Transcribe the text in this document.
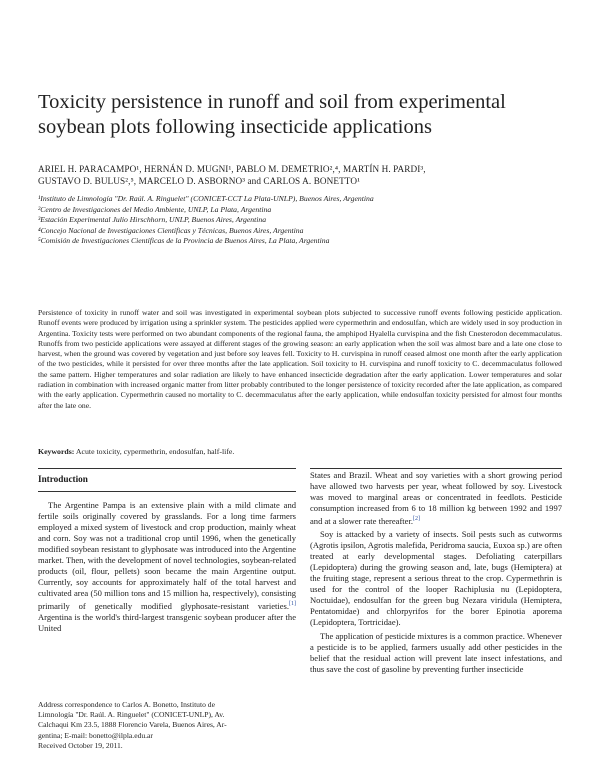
Toxicity persistence in runoff and soil from experimental
soybean plots following insecticide applications
ARIEL H. PARACAMPO¹, HERNÁN D. MUGNI¹, PABLO M. DEMETRIO²,⁴, MARTÍN H. PARDI³,
GUSTAVO D. BULUS²,⁵, MARCELO D. ASBORNO³ and CARLOS A. BONETTO¹
¹Instituto de Limnología "Dr. Raúl. A. Ringuelet" (CONICET-CCT La Plata-UNLP), Buenos Aires, Argentina
²Centro de Investigaciones del Medio Ambiente, UNLP, La Plata, Argentina
³Estación Experimental Julio Hirschhorn, UNLP, Buenos Aires, Argentina
⁴Concejo Nacional de Investigaciones Científicas y Técnicas, Buenos Aires, Argentina
⁵Comisión de Investigaciones Científicas de la Provincia de Buenos Aires, La Plata, Argentina
Persistence of toxicity in runoff water and soil was investigated in experimental soybean plots subjected to successive runoff events following pesticide application. Runoff events were produced by irrigation using a sprinkler system. The pesticides applied were cypermethrin and endosulfan, which are widely used in soy production in Argentina. Toxicity tests were performed on two abundant components of the regional fauna, the amphipod Hyalella curvispina and the fish Cnesterodon decemmaculatus. Runoffs from two pesticide applications were assayed at different stages of the growing season: an early application when the soil was almost bare and a late one close to harvest, when the ground was covered by vegetation and just before soy leaves fell. Toxicity to H. curvispina in runoff ceased almost one month after the early application of the two pesticides, while it persisted for over three months after the late application. Soil toxicity to H. curvispina and runoff toxicity to C. decemmaculatus followed the same pattern. Higher temperatures and solar radiation are likely to have enhanced insecticide degradation after the early application. Lower temperatures and solar radiation in combination with increased organic matter from litter probably contributed to the longer persistence of toxicity recorded after the late application, as compared with the early application. Cypermethrin caused no mortality to C. decemmaculatus after the early application, while endosulfan toxicity persisted for almost four months after the late one.
Keywords: Acute toxicity, cypermethrin, endosulfan, half-life.
Introduction

The Argentine Pampa is an extensive plain with a mild climate and fertile soils originally covered by grasslands. For a long time farmers employed a mixed system of livestock and crop production, mainly wheat and corn. Soy was not a traditional crop until 1996, when the genetically modified soybean resistant to glyphosate was introduced into the Argentine market. Then, with the development of novel technologies, soybean-related products (oil, flour, pellets) soon became the main Argentine output. Currently, soy accounts for approximately half of the total harvest and cultivated area (50 million tons and 15 million ha, respectively), consisting primarily of genetically modified glyphosate-resistant varieties.[1] Argentina is the world's third-largest transgenic soybean producer after the United

States and Brazil. Wheat and soy varieties with a short growing period have allowed two harvests per year, wheat followed by soy. Livestock was moved to marginal areas or concentrated in feedlots. Pesticide consumption increased from 6 to 18 million kg between 1992 and 1997 and at a slower rate thereafter.[2]

Soy is attacked by a variety of insects. Soil pests such as cutworms (Agrotis ipsilon, Agrotis malefida, Peridroma saucia, Euxoa sp.) are often treated at early developmental stages. Defoliating caterpillars (Lepidoptera) during the growing season and, late, bugs (Hemiptera) at the fruiting stage, represent a serious threat to the crop. Cypermethrin is used for the control of the looper Rachiplusia nu (Lepidoptera, Noctuidae), endosulfan for the green bug Nezara viridula (Hemiptera, Pentatomidae) and chlorpyrifos for the borer Epinotia aporema (Lepidoptera, Tortricidae).

The application of pesticide mixtures is a common practice. Whenever a pesticide is to be applied, farmers usually add other pesticides in the belief that the residual action will prevent late insect infestations, and thus save the cost of gasoline by preventing further insecticide

Address correspondence to Carlos A. Bonetto, Instituto de
Limnología "Dr. Raúl. A. Ringuelet" (CONICET-UNLP), Av.
Calchaqui Km 23.5, 1888 Florencio Varela, Buenos Aires, Ar-
gentina; E-mail: bonetto@ilpla.edu.ar
Received October 19, 2011.
